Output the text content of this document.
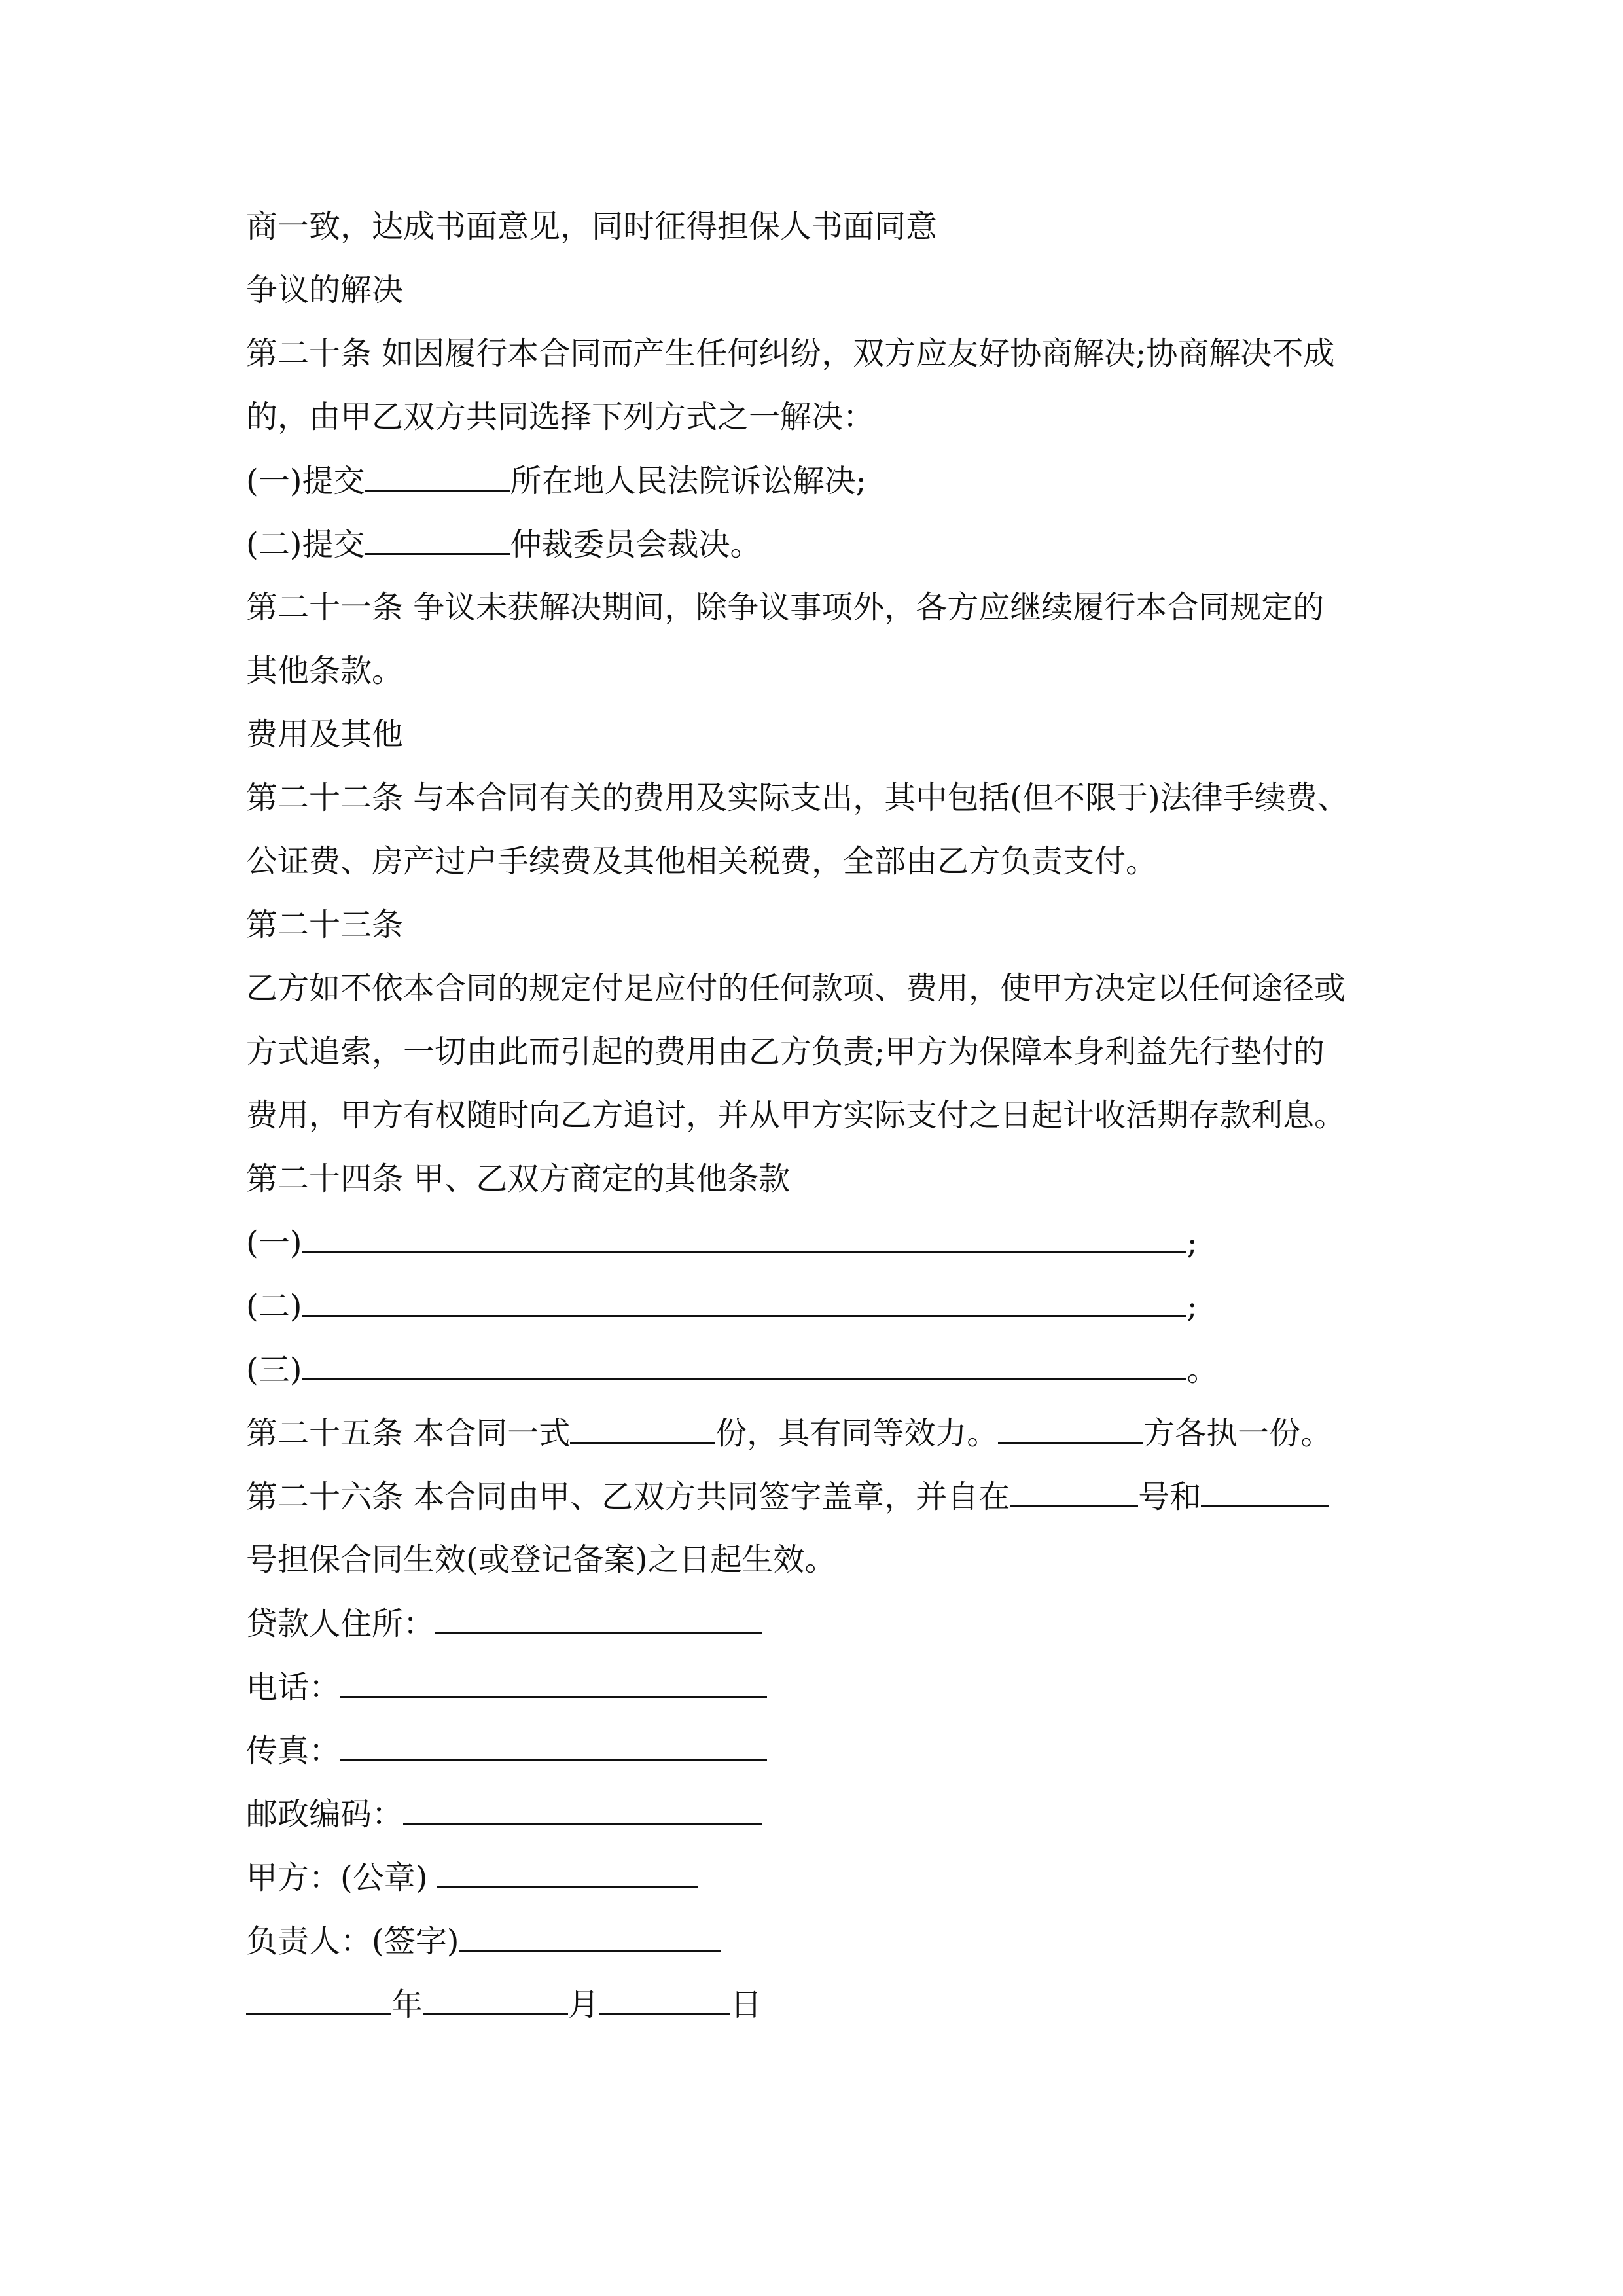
商一致，达成书面意见，同时征得担保人书面同意
争议的解决
第二十条 如因履行本合同而产生任何纠纷，双方应友好协商解决;协商解决不成
的，由甲乙双方共同选择下列方式之一解决：
(一)提交	所在地人民法院诉讼解决;
(二)提交	仲裁委员会裁决。
第二十一条 争议未获解决期间，除争议事项外，各方应继续履行本合同规定的
其他条款。
费用及其他
第二十二条 与本合同有关的费用及实际支出，其中包括(但不限于)法律手续费、
公证费、房产过户手续费及其他相关税费，全部由乙方负责支付。
第二十三条
乙方如不依本合同的规定付足应付的任何款项、费用，使甲方决定以任何途径或
方式追索，一切由此而引起的费用由乙方负责;甲方为保障本身利益先行垫付的
费用，甲方有权随时向乙方追讨，并从甲方实际支付之日起计收活期存款利息。
第二十四条 甲、乙双方商定的其他条款
(一)	;
(二)	;
(三)	。
第二十五条 本合同一式	份，具有同等效力。	方各执一份。
第二十六条 本合同由甲、乙双方共同签字盖章，并自在	号和
号担保合同生效(或登记备案)之日起生效。
贷款人住所：
电话：
传真：
邮政编码：
甲方：(公章)
负责人：(签字)
年	月	日
